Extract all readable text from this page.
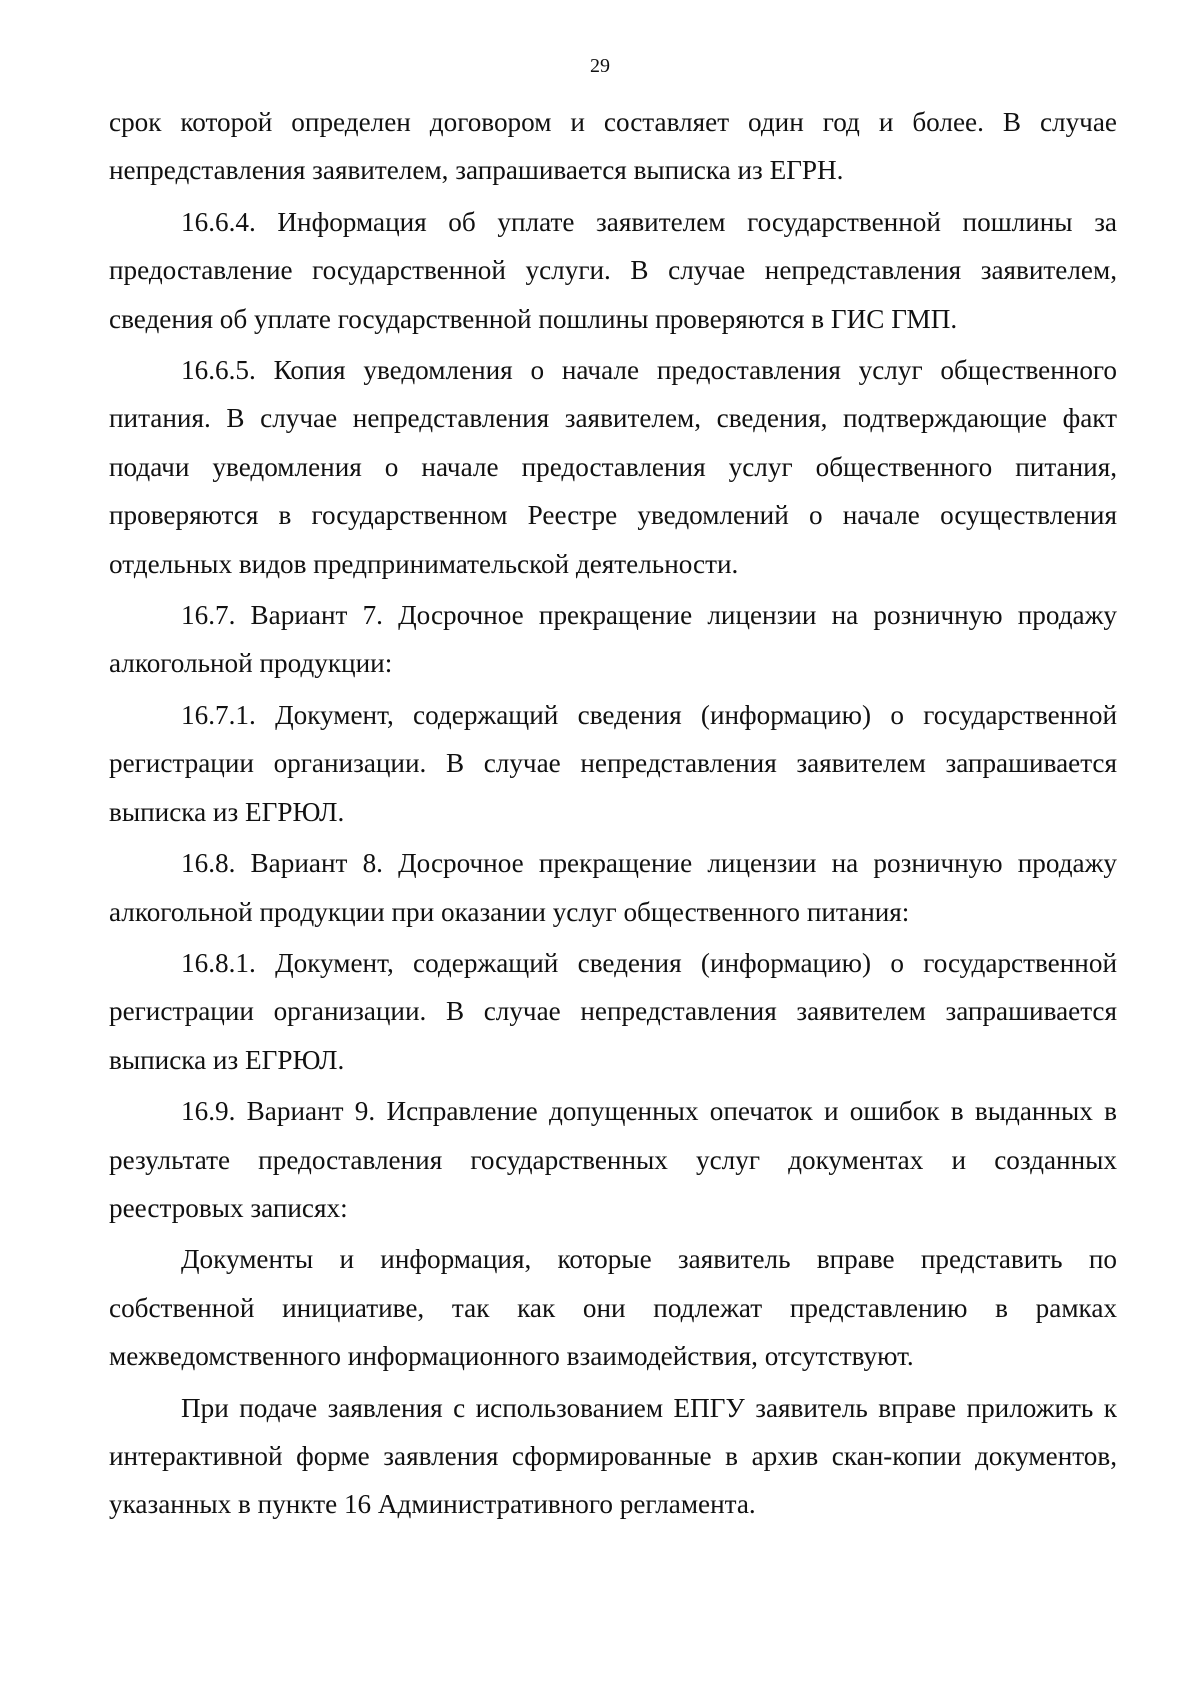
29

срок которой определен договором и составляет один год и более. В случае непредставления заявителем, запрашивается выписка из ЕГРН.

16.6.4. Информация об уплате заявителем государственной пошлины за предоставление государственной услуги. В случае непредставления заявителем, сведения об уплате государственной пошлины проверяются в ГИС ГМП.

16.6.5. Копия уведомления о начале предоставления услуг общественного питания. В случае непредставления заявителем, сведения, подтверждающие факт подачи уведомления о начале предоставления услуг общественного питания, проверяются в государственном Реестре уведомлений о начале осуществления отдельных видов предпринимательской деятельности.

16.7. Вариант 7. Досрочное прекращение лицензии на розничную продажу алкогольной продукции:

16.7.1. Документ, содержащий сведения (информацию) о государственной регистрации организации. В случае непредставления заявителем запрашивается выписка из ЕГРЮЛ.

16.8. Вариант 8. Досрочное прекращение лицензии на розничную продажу алкогольной продукции при оказании услуг общественного питания:

16.8.1. Документ, содержащий сведения (информацию) о государственной регистрации организации. В случае непредставления заявителем запрашивается выписка из ЕГРЮЛ.

16.9. Вариант 9. Исправление допущенных опечаток и ошибок в выданных в результате предоставления государственных услуг документах и созданных реестровых записях:

Документы и информация, которые заявитель вправе представить по собственной инициативе, так как они подлежат представлению в рамках межведомственного информационного взаимодействия, отсутствуют.

При подаче заявления с использованием ЕПГУ заявитель вправе приложить к интерактивной форме заявления сформированные в архив скан-копии документов, указанных в пункте 16 Административного регламента.
